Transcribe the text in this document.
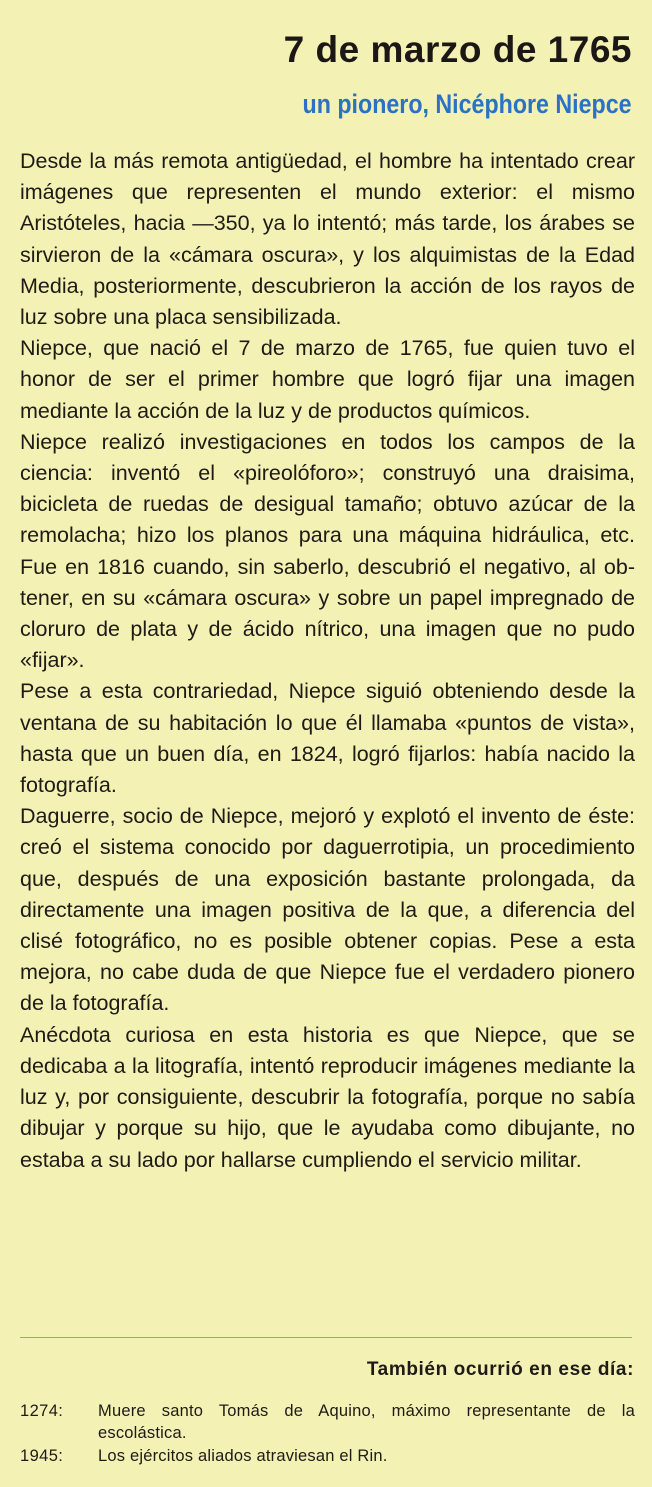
7 de marzo de 1765
un pionero, Nicéphore Niepce

Desde la más remota antigüedad, el hombre ha intentado crear imágenes que representen el mundo exterior: el mismo Aristóteles, hacia —350, ya lo intentó; más tarde, los árabes se sirvieron de la «cámara oscura», y los alquimistas de la Edad Media, posteriormente, descubrieron la acción de los rayos de luz sobre una placa sensibilizada.

Niepce, que nació el 7 de marzo de 1765, fue quien tuvo el honor de ser el primer hombre que logró fijar una imagen mediante la acción de la luz y de productos químicos.

Niepce realizó investigaciones en todos los campos de la ciencia: inventó el «pireolóforo»; construyó una draisima, bicicleta de ruedas de desigual tamaño; obtuvo azúcar de la remolacha; hizo los planos para una máquina hidráulica, etc. Fue en 1816 cuando, sin saberlo, descubrió el negativo, al obtener, en su «cámara oscura» y sobre un papel impregnado de cloruro de plata y de ácido nítrico, una imagen que no pudo «fijar».

Pese a esta contrariedad, Niepce siguió obteniendo desde la ventana de su habitación lo que él llamaba «puntos de vista», hasta que un buen día, en 1824, logró fijarlos: había nacido la fotografía.

Daguerre, socio de Niepce, mejoró y explotó el invento de éste: creó el sistema conocido por daguerrotipia, un procedimiento que, después de una exposición bastante prolongada, da directamente una imagen positiva de la que, a diferencia del clisé fotográfico, no es posible obtener copias. Pese a esta mejora, no cabe duda de que Niepce fue el verdadero pionero de la fotografía.

Anécdota curiosa en esta historia es que Niepce, que se dedicaba a la litografía, intentó reproducir imágenes mediante la luz y, por consiguiente, descubrir la fotografía, porque no sabía dibujar y porque su hijo, que le ayudaba como dibujante, no estaba a su lado por hallarse cumpliendo el servicio militar.

También ocurrió en ese día:
1274:	Muere santo Tomás de Aquino, máximo representante de la escolástica.
1945:	Los ejércitos aliados atraviesan el Rin.
